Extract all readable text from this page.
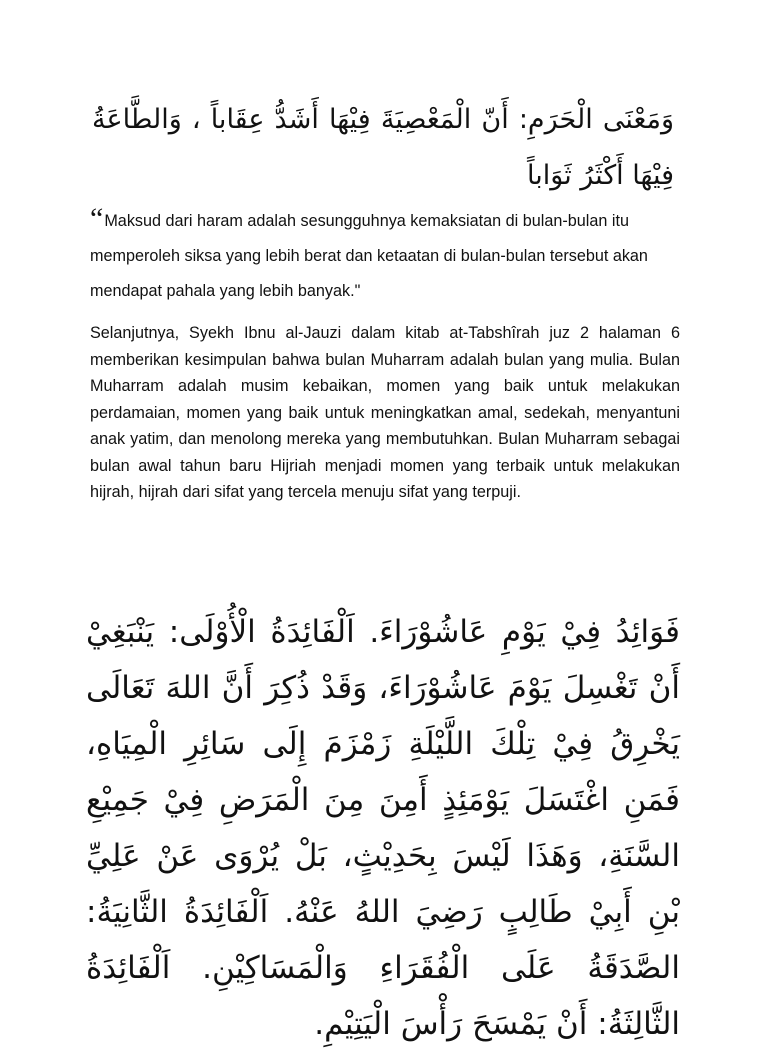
وَمَعْنَى الْحَرَمِ: أَنّ الْمَعْصِيَةَ فِيْهَا أَشَدُّ عِقَاباً ، وَالطَّاعَةُ فِيْهَا أَكْثَرُ ثَوَاباً

“Maksud dari haram adalah sesungguhnya kemaksiatan di bulan-bulan itu memperoleh siksa yang lebih berat dan ketaatan di bulan-bulan tersebut akan mendapat pahala yang lebih banyak."

Selanjutnya, Syekh Ibnu al-Jauzi dalam kitab at-Tabshîrah juz 2 halaman 6 memberikan kesimpulan bahwa bulan Muharram adalah bulan yang mulia. Bulan Muharram adalah musim kebaikan, momen yang baik untuk melakukan perdamaian, momen yang baik untuk meningkatkan amal, sedekah, menyantuni anak yatim, dan menolong mereka yang membutuhkan. Bulan Muharram sebagai bulan awal tahun baru Hijriah menjadi momen yang terbaik untuk melakukan hijrah, hijrah dari sifat yang tercela menuju sifat yang terpuji.

فَوَائِدُ فِيْ يَوْمِ عَاشُوْرَاءَ. اَلْفَائِدَةُ الْأُوْلَى: يَنْبَغِيْ أَنْ تَغْسِلَ يَوْمَ عَاشُوْرَاءَ، وَقَدْ ذُكِرَ أَنَّ اللهَ تَعَالَى يَخْرِقُ فِيْ تِلْكَ اللَّيْلَةِ زَمْزَمَ إِلَى سَائِرِ الْمِيَاهِ، فَمَنِ اغْتَسَلَ يَوْمَئِذٍ أَمِنَ مِنَ الْمَرَضِ فِيْ جَمِيْعِ السَّنَةِ، وَهَذَا لَيْسَ بِحَدِيْثٍ، بَلْ يُرْوَى عَنْ عَلِيِّ بْنِ أَبِيْ طَالِبٍ رَضِيَ اللهُ عَنْهُ. اَلْفَائِدَةُ الثَّانِيَةُ: الصَّدَقَةُ عَلَى الْفُقَرَاءِ وَالْمَسَاكِيْنِ. اَلْفَائِدَةُ الثَّالِثَةُ: أَنْ يَمْسَحَ رَأْسَ الْيَتِيْمِ.
